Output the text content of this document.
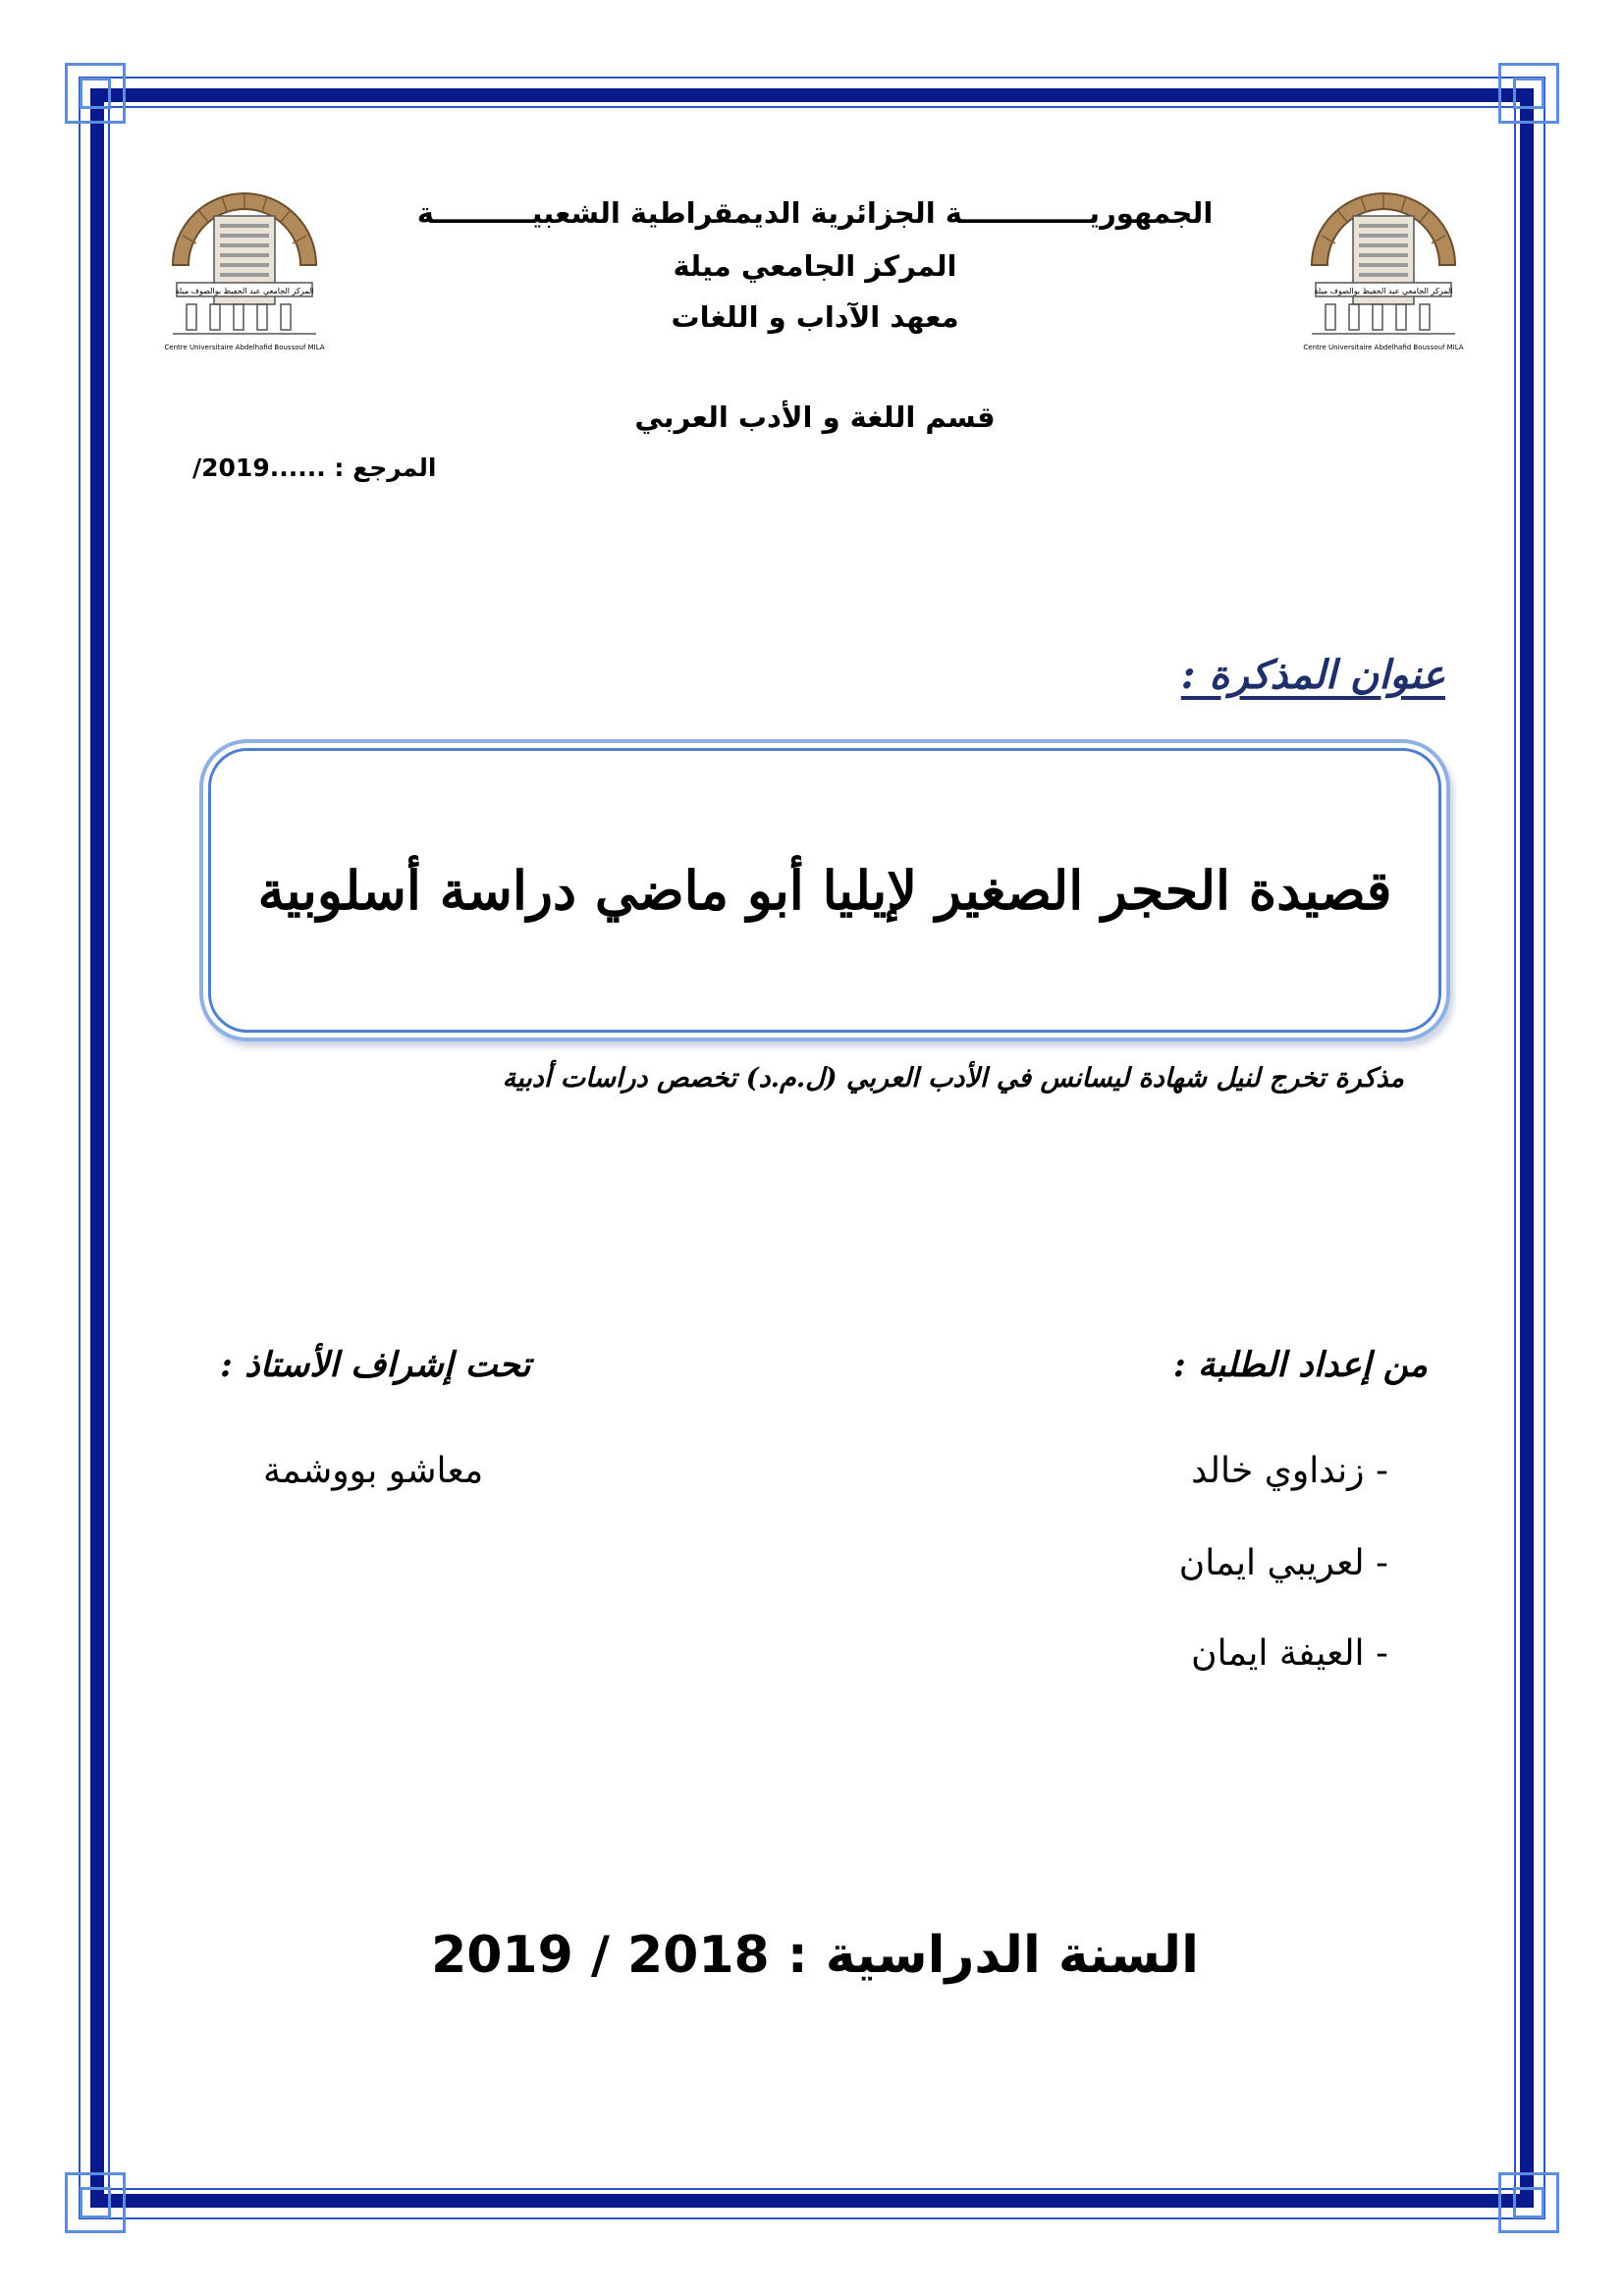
المركز الجامعي عبد الحفيظ بوالصوف ميلة
Centre Universitaire Abdelhafid Boussouf MILA
المركز الجامعي عبد الحفيظ بوالصوف ميلة
Centre Universitaire Abdelhafid Boussouf MILA
الجمهوريـــــــــــــة الجزائرية الديمقراطية الشعبيــــــــــة
المركز الجامعي ميلة
معهد الآداب و اللغات
قسم اللغة و الأدب العربي
المرجع : ......2019/
عنوان المذكرة :
قصيدة الحجر الصغير لإيليا أبو ماضي دراسة أسلوبية
مذكرة تخرج لنيل شهادة ليسانس في الأدب العربي (ل.م.د) تخصص دراسات أدبية
من إعداد الطلبة :
تحت إشراف الأستاذ :
- زنداوي خالد
- لعريبي ايمان
- العيفة ايمان
معاشو بووشمة
السنة الدراسية : 2018 / 2019
